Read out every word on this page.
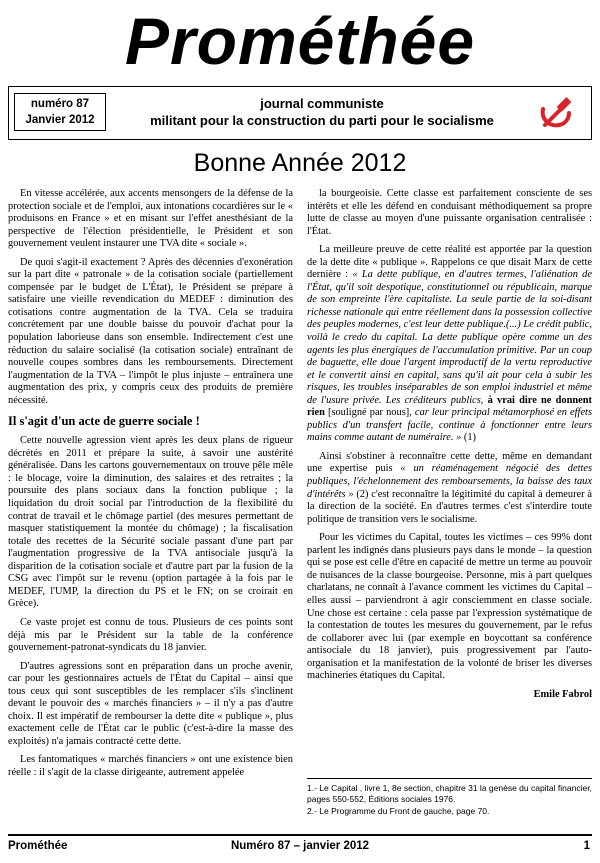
Prométhée
numéro 87
Janvier 2012
journal communiste
militant pour la construction du parti pour le socialisme
Bonne Année 2012

En vitesse accélérée, aux accents mensongers de la défense de la protection sociale et de l'emploi, aux intonations cocardières sur le « produisons en France » et en misant sur l'effet anesthésiant de la perspective de l'élection présidentielle, le Président et son gouvernement veulent instaurer une TVA dite « sociale ».

De quoi s'agit-il exactement ? Après des décennies d'exonération sur la part dite « patronale » de la cotisation sociale (partiellement compensée par le budget de L'État), le Président se prépare à satisfaire une vieille revendication du MEDEF : diminution des cotisations contre augmentation de la TVA. Cela se traduira concrètement par une double baisse du pouvoir d'achat pour la population laborieuse dans son ensemble. Indirectement c'est une réduction du salaire socialisé (la cotisation sociale) entraînant de nouvelle coupes sombres dans les remboursements. Directement l'augmentation de la TVA – l'impôt le plus injuste – entraînera une augmentation des prix, y compris ceux des produits de première nécessité.

Il s'agit d'un acte de guerre sociale !

Cette nouvelle agression vient après les deux plans de rigueur décrétés en 2011 et prépare la suite, à savoir une austérité généralisée. Dans les cartons gouvernementaux on trouve pêle mêle : le blocage, voire la diminution, des salaires et des retraites ; la poursuite des plans sociaux dans la fonction publique ; la liquidation du droit social par l'introduction de la flexibilité du contrat de travail et le chômage partiel (des mesures permettant de masquer statistiquement la montée du chômage) ; la fiscalisation totale des recettes de la Sécurité sociale passant d'une part par l'augmentation progressive de la TVA antisociale jusqu'à la disparition de la cotisation sociale et d'autre part par la fusion de la CSG avec l'impôt sur le revenu (option partagée à la fois par le MEDEF, l'UMP, la direction du PS et le FN; on se croirait en Grèce).

Ce vaste projet est connu de tous. Plusieurs de ces points sont déjà mis par le Président sur la table de la conférence gouvernement-patronat-syndicats du 18 janvier.

D'autres agressions sont en préparation dans un proche avenir, car pour les gestionnaires actuels de l'État du Capital – ainsi que tous ceux qui sont susceptibles de les remplacer s'ils s'inclinent devant le pouvoir des « marchés financiers » – il n'y a pas d'autre choix. Il est impératif de rembourser la dette dite « publique », plus exactement celle de l'État car le public (c'est-à-dire la masse des exploités) n'a jamais contracté cette dette.

Les fantomatiques « marchés financiers » ont une existence bien réelle : il s'agit de la classe dirigeante, autrement appelée

la bourgeoisie. Cette classe est parfaitement consciente de ses intérêts et elle les défend en conduisant méthodiquement sa propre lutte de classe au moyen d'une puissante organisation centralisée : l'État.

La meilleure preuve de cette réalité est apportée par la question de la dette dite « publique ». Rappelons ce que disait Marx de cette dernière : « La dette publique, en d'autres termes, l'aliénation de l'État, qu'il soit despotique, constitutionnel ou républicain, marque de son empreinte l'ère capitaliste. La seule partie de la soi-disant richesse nationale qui entre réellement dans la possession collective des peuples modernes, c'est leur dette publique.(...) Le crédit public, voilà le credo du capital. La dette publique opère comme un des agents les plus énergiques de l'accumulation primitive. Par un coup de baguette, elle doue l'argent improductif de la vertu reproductive et le convertit ainsi en capital, sans qu'il ait pour cela à subir les risques, les troubles inséparables de son emploi industriel et même de l'usure privée. Les créditeurs publics, à vrai dire ne donnent rien [souligné par nous], car leur principal métamorphosé en effets publics d'un transfert facile, continue à fonctionner entre leurs mains comme autant de numéraire. » (1)

Ainsi s'obstiner à reconnaître cette dette, même en demandant une expertise puis « un réaménagement négocié des dettes publiques, l'échelonnement des remboursements, la baisse des taux d'intérêts » (2) c'est reconnaître la légitimité du capital à demeurer à la direction de la société. En d'autres termes c'est s'interdire toute politique de transition vers le socialisme.

Pour les victimes du Capital, toutes les victimes – ces 99% dont parlent les indignés dans plusieurs pays dans le monde – la question qui se pose est celle d'être en capacité de mettre un terme au pouvoir de nuisances de la classe bourgeoise. Personne, mis à part quelques charlatans, ne connaît à l'avance comment les victimes du Capital – elles aussi – parviendront à agir consciemment en classe sociale. Une chose est certaine : cela passe par l'expression systématique de la contestation de toutes les mesures du gouvernement, par le refus de collaborer avec lui (par exemple en boycottant sa conférence antisociale du 18 janvier), puis progressivement par l'auto-organisation et la manifestation de la volonté de briser les diverses machineries étatiques du Capital.

Emile Fabrol
1.- Le Capital , livre 1, 8e section, chapitre 31 la genèse du capital financier, pages 550-552, Éditions sociales 1976.
2.- Le Programme du Front de gauche, page 70.
Numéro 87 – janvier 2012
Prométhée	1
